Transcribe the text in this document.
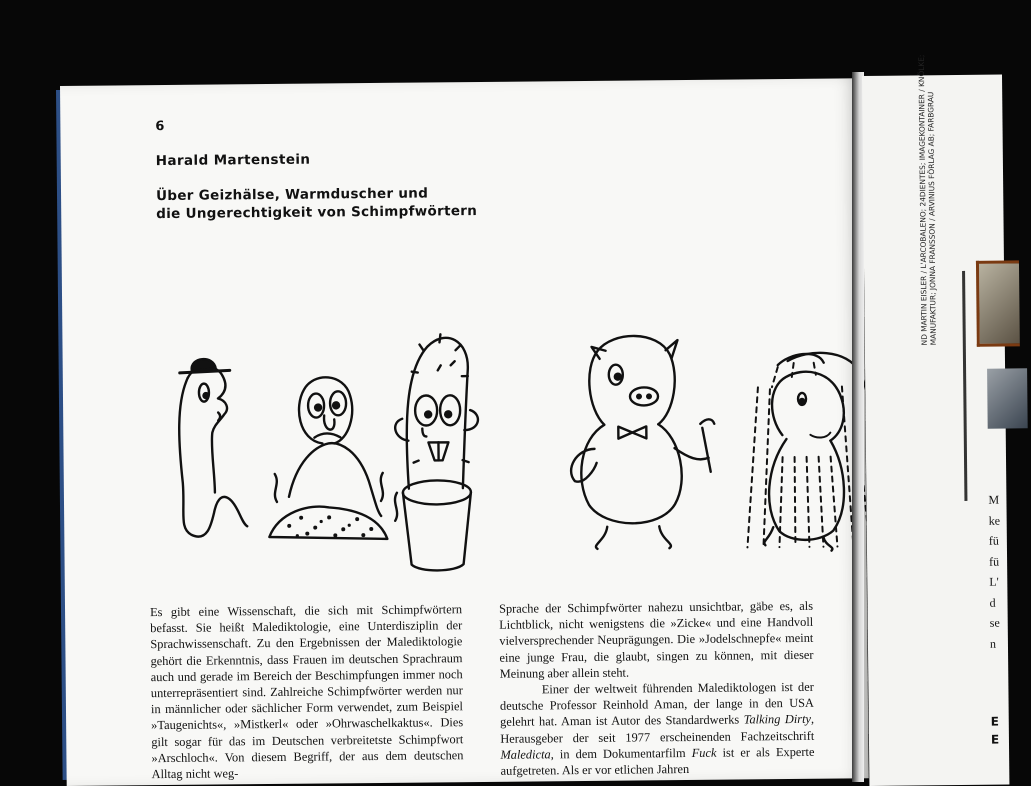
6
Harald Martenstein
Über Geizhälse, Warmduscher und
die Ungerechtigkeit von Schimpfwörtern

Es gibt eine Wissenschaft, die sich mit Schimpfwörtern befasst. Sie heißt Malediktologie, eine Unterdisziplin der Sprachwissenschaft. Zu den Ergebnissen der Malediktologie gehört die Erkenntnis, dass Frauen im deutschen Sprachraum auch und gerade im Bereich der Beschimpfungen immer noch unterrepräsentiert sind. Zahlreiche Schimpfwörter werden nur in männlicher oder sächlicher Form verwendet, zum Beispiel »Taugenichts«, »Mistkerl« oder »Ohrwaschelkaktus«. Dies gilt sogar für das im Deutschen verbreitetste Schimpfwort »Arschloch«. Von diesem Begriff, der aus dem deutschen Alltag nicht weg-

Sprache der Schimpfwörter nahezu unsichtbar, gäbe es, als Lichtblick, nicht wenigstens die »Zicke« und eine Handvoll vielversprechender Neuprägungen. Die »Jodelschnepfe« meint eine junge Frau, die glaubt, singen zu können, mit dieser Meinung aber allein steht.

Einer der weltweit führenden Malediktologen ist der deutsche Professor Reinhold Aman, der lange in den USA gelehrt hat. Aman ist Autor des Standardwerks Talking Dirty, Herausgeber der seit 1977 erscheinenden Fachzeitschrift Maledicta, in dem Dokumentarfilm Fuck ist er als Experte aufgetreten. Als er vor etlichen Jahren

ND MARTIN EISLER / L'ARCOBALENO; 24DIENTES; IMAGEKONTAINER / KNÖLKE;
MANUFAKTUR; JONNA FRANSSON / ARVINIUS FÖRLAG AB; FARBGRAU
M
ke
fü
fü
L'
d
se
n
E
E
